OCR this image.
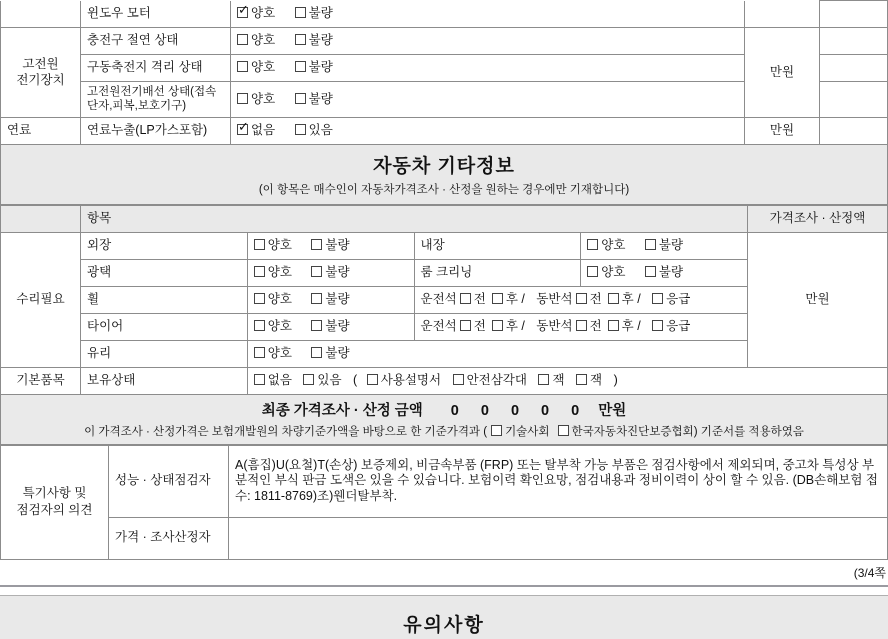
	윈도우 모터	✓양호 불량		
고전원
전기장치	충전구 절연 상태	양호 불량	만원	
	구동축전지 격리 상태	양호 불량		
	고전원전기배선 상태(접속단자,피복,보호기구)	양호 불량		
연료	연료누출(LP가스포함)	✓없음 있음	만원	
자동차 기타정보
(이 항목은 매수인이 자동차가격조사 · 산정을 원하는 경우에만 기재합니다)
	항목				가격조사 · 산정액
수리필요	외장	양호 불량	내장	양호 불량	만원
	광택	양호 불량	룸 크리닝	양호 불량	
	휠	양호 불량	운전석 전 후 / 동반석 전 후 / 응급		
	타이어	양호 불량	운전석 전 후 / 동반석 전 후 / 응급		
	유리	양호 불량			
기본품목	보유상태	없음 있음 ( 사용설명서 안전삼각대 잭 잭 )			
최종 가격조사 · 산정 금액 0 0 0 0 0 만원
이 가격조사 · 산정가격은 보험개발원의 차량기준가액을 바탕으로 한 기준가격과 ( 기술사회 한국자동차진단보증협회) 기준서를 적용하였음
특기사항 및
점검자의 의견	성능 · 상태점검자	A(흠집)U(요철)T(손상) 보증제외, 비금속부품 (FRP) 또는 탈부착 가능 부품은 점검사항에서 제외되며, 중고차 특성상 부분적인 부식 판금 도색은 있을 수 있습니다. 보험이력 확인요망, 점검내용과 정비이력이 상이 할 수 있음. (DB손해보험 접수: 1811-8769)조)웬더탈부착.
	가격 · 조사산정자	
(3/4쪽
유의사항
